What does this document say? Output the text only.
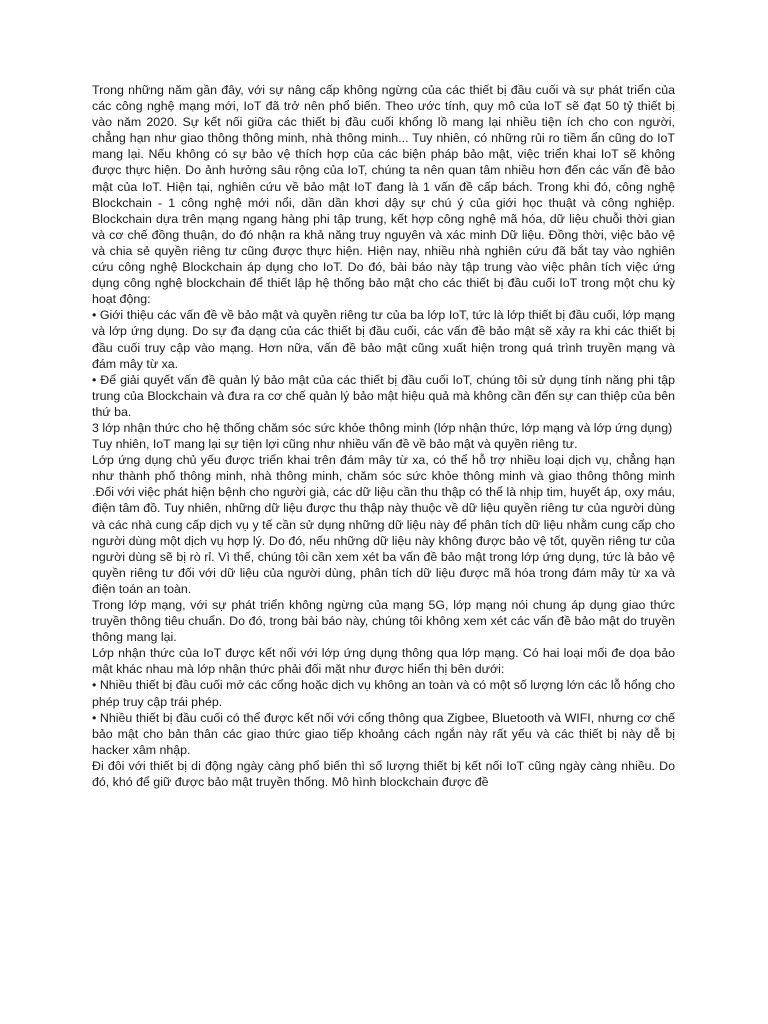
Trong những năm gần đây, với sự nâng cấp không ngừng của các thiết bị đầu cuối và sự phát triển của các công nghệ mạng mới, IoT đã trở nên phổ biến. Theo ước tính, quy mô của IoT sẽ đạt 50 tỷ thiết bị vào năm 2020. Sự kết nối giữa các thiết bị đầu cuối khổng lồ mang lại nhiều tiện ích cho con người, chẳng hạn như giao thông thông minh, nhà thông minh... Tuy nhiên, có những rủi ro tiềm ẩn cũng do IoT mang lại. Nếu không có sự bảo vệ thích hợp của các biện pháp bảo mật, việc triển khai IoT sẽ không được thực hiện. Do ảnh hưởng sâu rộng của IoT, chúng ta nên quan tâm nhiều hơn đến các vấn đề bảo mật của IoT. Hiện tại, nghiên cứu về bảo mật IoT đang là 1 vấn đề cấp bách. Trong khi đó, công nghệ Blockchain - 1 công nghệ mới nổi, dần dần khơi dậy sự chú ý của giới học thuật và công nghiệp. Blockchain dựa trên mạng ngang hàng phi tập trung, kết hợp công nghệ mã hóa, dữ liệu chuỗi thời gian và cơ chế đồng thuận, do đó nhận ra khả năng truy nguyên và xác minh Dữ liệu. Đồng thời, việc bảo vệ và chia sẻ quyền riêng tư cũng được thực hiện. Hiện nay, nhiều nhà nghiên cứu đã bắt tay vào nghiên cứu công nghệ Blockchain áp dụng cho IoT. Do đó, bài báo này tập trung vào việc phân tích việc ứng dụng công nghệ blockchain để thiết lập hệ thống bảo mật cho các thiết bị đầu cuối IoT trong một chu kỳ hoạt động:

• Giới thiệu các vấn đề về bảo mật và quyền riêng tư của ba lớp IoT, tức là lớp thiết bị đầu cuối, lớp mạng và lớp ứng dụng. Do sự đa dạng của các thiết bị đầu cuối, các vấn đề bảo mật sẽ xảy ra khi các thiết bị đầu cuối truy cập vào mạng. Hơn nữa, vấn đề bảo mật cũng xuất hiện trong quá trình truyền mạng và đám mây từ xa.

• Để giải quyết vấn đề quản lý bảo mật của các thiết bị đầu cuối IoT, chúng tôi sử dụng tính năng phi tập trung của Blockchain và đưa ra cơ chế quản lý bảo mật hiệu quả mà không cần đến sự can thiệp của bên thứ ba.

3 lớp nhận thức cho hệ thống chăm sóc sức khỏe thông minh (lớp nhận thức, lớp mạng và lớp ứng dụng)

Tuy nhiên, IoT mang lại sự tiện lợi cũng như nhiều vấn đề về bảo mật và quyền riêng tư.

Lớp ứng dụng chủ yếu được triển khai trên đám mây từ xa, có thể hỗ trợ nhiều loại dịch vụ, chẳng hạn như thành phố thông minh, nhà thông minh, chăm sóc sức khỏe thông minh và giao thông thông minh .Đối với việc phát hiện bệnh cho người già, các dữ liệu cần thu thập có thể là nhịp tim, huyết áp, oxy máu, điện tâm đồ. Tuy nhiên, những dữ liệu được thu thập này thuộc về dữ liệu quyền riêng tư của người dùng và các nhà cung cấp dịch vụ y tế cần sử dụng những dữ liệu này để phân tích dữ liệu nhằm cung cấp cho người dùng một dịch vụ hợp lý. Do đó, nếu những dữ liệu này không được bảo vệ tốt, quyền riêng tư của người dùng sẽ bị rò rỉ. Vì thế, chúng tôi cần xem xét ba vấn đề bảo mật trong lớp ứng dụng, tức là bảo vệ quyền riêng tư đối với dữ liệu của người dùng, phân tích dữ liệu được mã hóa trong đám mây từ xa và điện toán an toàn.

Trong lớp mạng, với sự phát triển không ngừng của mạng 5G, lớp mạng nói chung áp dụng giao thức truyền thông tiêu chuẩn. Do đó, trong bài báo này, chúng tôi không xem xét các vấn đề bảo mật do truyền thông mang lại.

Lớp nhận thức của IoT được kết nối với lớp ứng dụng thông qua lớp mạng. Có hai loại mối đe dọa bảo mật khác nhau mà lớp nhận thức phải đối mặt như được hiển thị bên dưới:

• Nhiều thiết bị đầu cuối mở các cổng hoặc dịch vụ không an toàn và có một số lượng lớn các lỗ hổng cho phép truy cập trái phép.

• Nhiều thiết bị đầu cuối có thể được kết nối với cổng thông qua Zigbee, Bluetooth và WIFI, nhưng cơ chế bảo mật cho bản thân các giao thức giao tiếp khoảng cách ngắn này rất yếu và các thiết bị này dễ bị hacker xâm nhập.

Đi đôi với thiết bị di động ngày càng phổ biến thì số lượng thiết bị kết nối IoT cũng ngày càng nhiều. Do đó, khó để giữ được bảo mật truyền thống. Mô hình blockchain được đề
